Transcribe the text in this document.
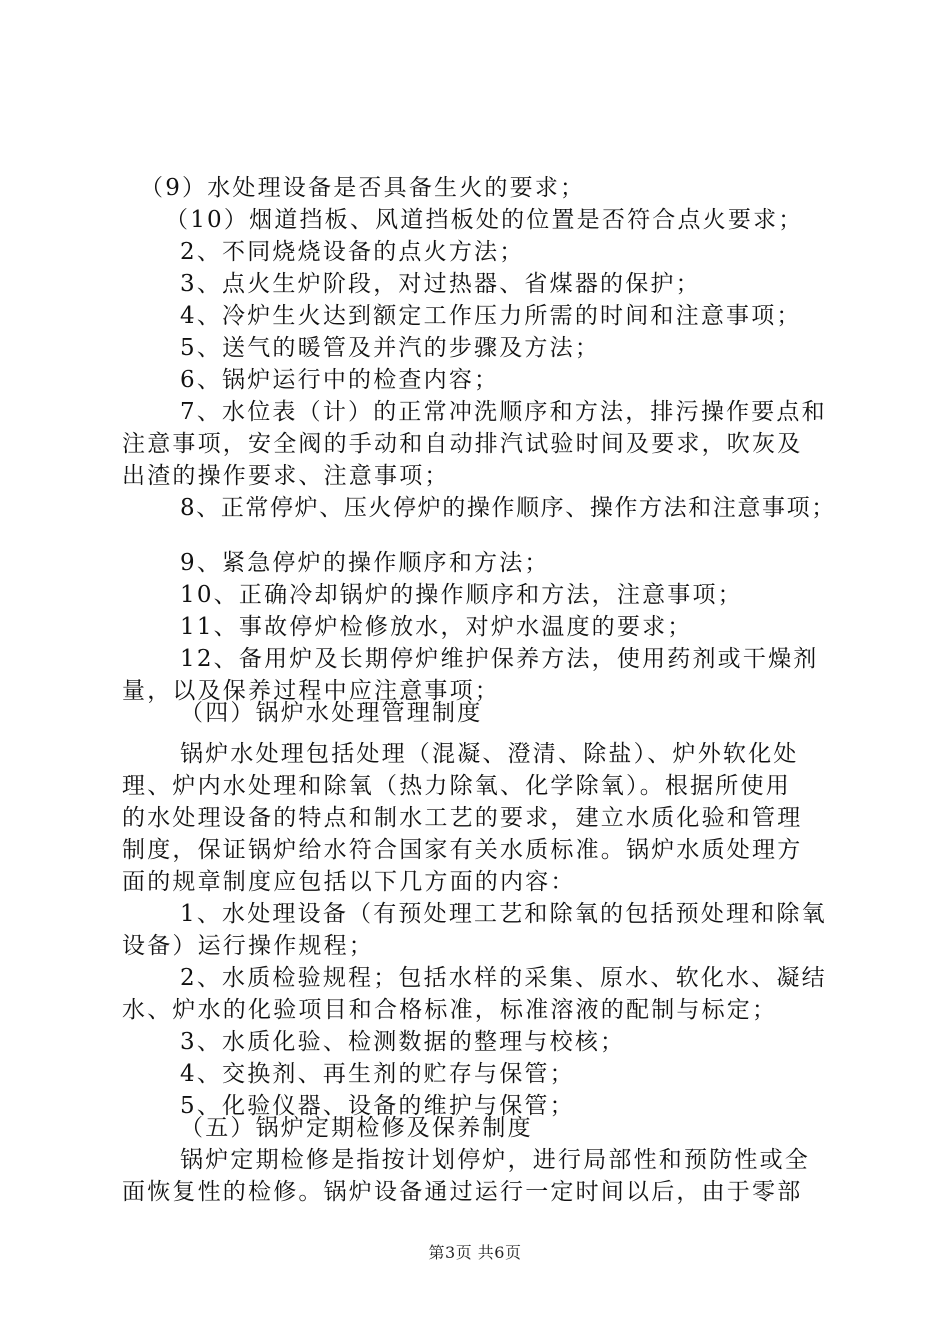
（9）水处理设备是否具备生火的要求；
（10）烟道挡板、风道挡板处的位置是否符合点火要求；
2、不同烧烧设备的点火方法；
3、点火生炉阶段，对过热器、省煤器的保护；
4、冷炉生火达到额定工作压力所需的时间和注意事项；
5、送气的暖管及并汽的步骤及方法；
6、锅炉运行中的检查内容；
7、水位表（计）的正常冲洗顺序和方法，排污操作要点和
注意事项，安全阀的手动和自动排汽试验时间及要求，吹灰及
出渣的操作要求、注意事项；
8、正常停炉、压火停炉的操作顺序、操作方法和注意事项；
9、紧急停炉的操作顺序和方法；
10、正确冷却锅炉的操作顺序和方法，注意事项；
11、事故停炉检修放水，对炉水温度的要求；
12、备用炉及长期停炉维护保养方法，使用药剂或干燥剂
量，以及保养过程中应注意事项；
（四）锅炉水处理管理制度
锅炉水处理包括处理（混凝、澄清、除盐）、炉外软化处
理、炉内水处理和除氧（热力除氧、化学除氧）。根据所使用
的水处理设备的特点和制水工艺的要求，建立水质化验和管理
制度，保证锅炉给水符合国家有关水质标准。锅炉水质处理方
面的规章制度应包括以下几方面的内容：
1、水处理设备（有预处理工艺和除氧的包括预处理和除氧
设备）运行操作规程；
2、水质检验规程；包括水样的采集、原水、软化水、凝结
水、炉水的化验项目和合格标准，标准溶液的配制与标定；
3、水质化验、检测数据的整理与校核；
4、交换剂、再生剂的贮存与保管；
5、化验仪器、设备的维护与保管；
（五）锅炉定期检修及保养制度
锅炉定期检修是指按计划停炉，进行局部性和预防性或全
面恢复性的检修。锅炉设备通过运行一定时间以后，由于零部
第3页 共6页
